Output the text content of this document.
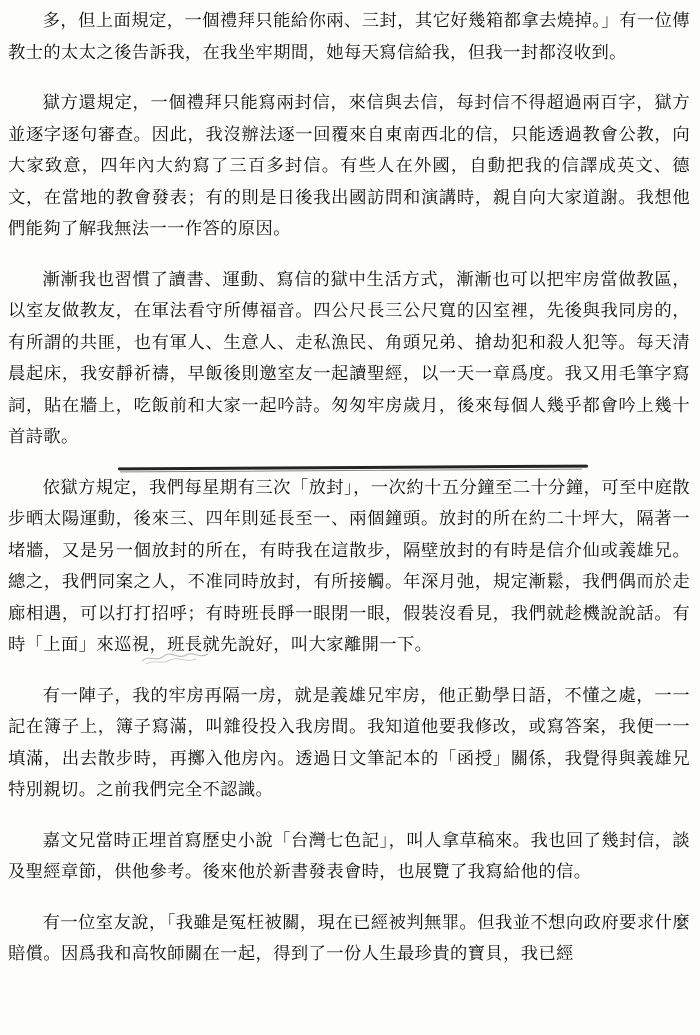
多，但上面規定，一個禮拜只能給你兩、三封，其它好幾箱都拿去燒掉。」有一位傳教士的太太之後告訴我，在我坐牢期間，她每天寫信給我，但我一封都沒收到。

獄方還規定，一個禮拜只能寫兩封信，來信與去信，每封信不得超過兩百字，獄方並逐字逐句審查。因此，我沒辦法逐一回覆來自東南西北的信，只能透過教會公教，向大家致意，四年內大約寫了三百多封信。有些人在外國，自動把我的信譯成英文、德文，在當地的教會發表；有的則是日後我出國訪問和演講時，親自向大家道謝。我想他們能夠了解我無法一一作答的原因。

漸漸我也習慣了讀書、運動、寫信的獄中生活方式，漸漸也可以把牢房當做教區，以室友做教友，在軍法看守所傳福音。四公尺長三公尺寬的囚室裡，先後與我同房的，有所謂的共匪，也有軍人、生意人、走私漁民、角頭兄弟、搶劫犯和殺人犯等。每天清晨起床，我安靜祈禱，早飯後則邀室友一起讀聖經，以一天一章爲度。我又用毛筆字寫詞，貼在牆上，吃飯前和大家一起吟詩。匆匆牢房歲月，後來每個人幾乎都會吟上幾十首詩歌。

依獄方規定，我們每星期有三次「放封」，一次約十五分鐘至二十分鐘，可至中庭散步晒太陽運動，後來三、四年則延長至一、兩個鐘頭。放封的所在約二十坪大，隔著一堵牆，又是另一個放封的所在，有時我在這散步，隔壁放封的有時是信介仙或義雄兄。總之，我們同案之人，不准同時放封，有所接觸。年深月弛，規定漸鬆，我們偶而於走廊相遇，可以打打招呼；有時班長睜一眼閉一眼，假裝沒看見，我們就趁機說說話。有時「上面」來巡視，班長就先說好，叫大家離開一下。

有一陣子，我的牢房再隔一房，就是義雄兄牢房，他正勤學日語，不懂之處，一一記在簿子上，簿子寫滿，叫雜役投入我房間。我知道他要我修改，或寫答案，我便一一填滿，出去散步時，再擲入他房內。透過日文筆記本的「函授」關係，我覺得與義雄兄特別親切。之前我們完全不認識。

嘉文兄當時正埋首寫歷史小說「台灣七色記」，叫人拿草稿來。我也回了幾封信，談及聖經章節，供他參考。後來他於新書發表會時，也展覽了我寫給他的信。

有一位室友說，「我雖是冤枉被關，現在已經被判無罪。但我並不想向政府要求什麼賠償。因爲我和高牧師關在一起，得到了一份人生最珍貴的寶貝，我已經
